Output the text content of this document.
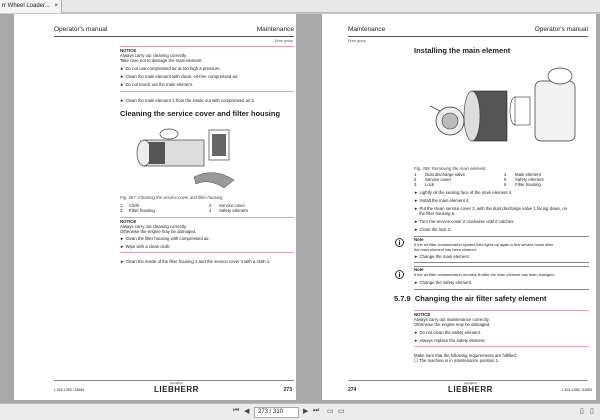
rr Wheel Loader... ×
Operator's manual	Maintenance
Drive group
NOTICE
Always carry out cleaning correctly.
Take care not to damage the main element.
► Do not use compressed air at too high a pressure.
► Clean the main element with clean, oil-free compressed air.
► Do not knock out the main element.
► Clean the main element 1 from the inside out with compressed air 2.
Cleaning the service cover and filter housing
Fig. 307: Cleaning the service cover and filter housing
1 Cloth
2 Filter housing
3 Service cover
4 Safety element
NOTICE
Always carry out cleaning correctly.
Otherwise the engine may be damaged.
► Clean the filter housing with compressed air.
► Wipe with a clean cloth.
► Clean the inside of the filter housing 2 and the service cover 3 with a cloth 1.
L 524-1265 / 34583
copyright by
LIEBHERR	273
Maintenance	Operator's manual
Drive group
Installing the main element
Fig. 308: Removing the main element
1 Dust discharge valve
2 Service cover
3 Lock
4 Main element
5 Safety element
6 Filter housing
► Lightly oil the sealing face of the main element 4.
► Install the main element 4.
► Put the clean service cover 2, with the dust discharge valve 1 facing down, on
the filter housing 6.
► Turn the service cover 2 clockwise until it catches.
► Close the lock 3.
i	Note
If the air filter contamination symbol field lights up again a few service hours after
the main element has been cleaned:
► Change the main element.
i
Note
If the air filter contamination remains lit after the main element has been changed:
► Change the safety element.
5.7.9 Changing the air filter safety element
NOTICE
Always carry out maintenance correctly.
Otherwise the engine may be damaged.
► Do not clean the safety element.
► Always replace the safety element.
Make sure that the following requirements are fulfilled:
☐ The machine is in maintenance position 1.
274
copyright by
LIEBHERR	L 524-1265 / 34583
⏮ ◀	273 / 310	▶ ⏭ ▭ ▭	▯ ▯
